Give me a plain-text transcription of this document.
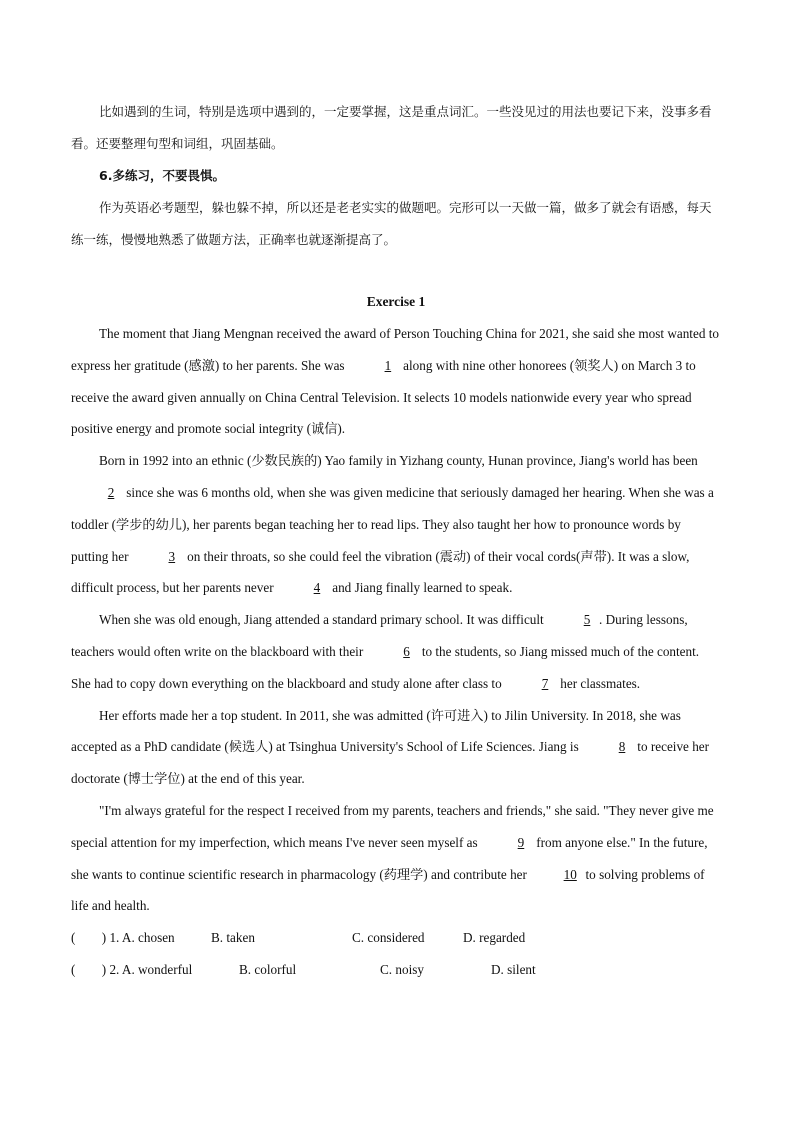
比如遇到的生词，特别是选项中遇到的，一定要掌握，这是重点词汇。一些没见过的用法也要记下来，没事多看看。还要整理句型和词组，巩固基础。

6.多练习，不要畏惧。

作为英语必考题型，躲也躲不掉，所以还是老老实实的做题吧。完形可以一天做一篇，做多了就会有语感，每天练一练，慢慢地熟悉了做题方法，正确率也就逐渐提高了。

Exercise 1

The moment that Jiang Mengnan received the award of Person Touching China for 2021, she said she most wanted to express her gratitude (感激) to her parents. She was	1 along with nine other honorees (领奖人) on March 3 to receive the award given annually on China Central Television. It selects 10 models nationwide every year who spread positive energy and promote social integrity (诚信).

Born in 1992 into an ethnic (少数民族的) Yao family in Yizhang county, Hunan province, Jiang's world has been 2 since she was 6 months old, when she was given medicine that seriously damaged her hearing. When she was a toddler (学步的幼儿), her parents began teaching her to read lips. They also taught her how to pronounce words by putting her	3 on their throats, so she could feel the vibration (震动) of their vocal cords(声带). It was a slow, difficult process, but her parents never	4 and Jiang finally learned to speak.

When she was old enough, Jiang attended a standard primary school. It was difficult	5 . During lessons, teachers would often write on the blackboard with their	6 to the students, so Jiang missed much of the content. She had to copy down everything on the blackboard and study alone after class to	7 her classmates.

Her efforts made her a top student. In 2011, she was admitted (许可进入) to Jilin University. In 2018, she was accepted as a PhD candidate (候选人) at Tsinghua University's School of Life Sciences. Jiang is	8 to receive her doctorate (博士学位) at the end of this year.

"I'm always grateful for the respect I received from my parents, teachers and friends," she said. "They never give me special attention for my imperfection, which means I've never seen myself as	9 from anyone else." In the future, she wants to continue scientific research in pharmacology (药理学) and contribute her	10 to solving problems of life and health.

(　　) 1. A. chosen	B. taken	C. considered	D. regarded
(　　) 2. A. wonderful	B. colorful	C. noisy	D. silent
